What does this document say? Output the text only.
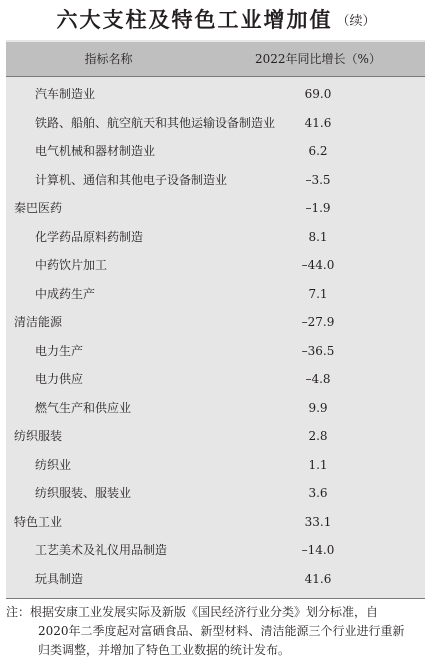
六大支柱及特色工业增加值 （续）
指标名称	2022年同比增长（%）
汽车制造业	69.0
铁路、船舶、航空航天和其他运输设备制造业	41.6
电气机械和器材制造业	6.2
计算机、通信和其他电子设备制造业	–3.5
秦巴医药	–1.9
化学药品原料药制造	8.1
中药饮片加工	–44.0
中成药生产	7.1
清洁能源	–27.9
电力生产	–36.5
电力供应	–4.8
燃气生产和供应业	9.9
纺织服装	2.8
纺织业	1.1
纺织服装、服装业	3.6
特色工业	33.1
工艺美术及礼仪用品制造	–14.0
玩具制造	41.6
注：根据安康工业发展实际及新版《国民经济行业分类》划分标准，自
2020年二季度起对富硒食品、新型材料、清洁能源三个行业进行重新
归类调整，并增加了特色工业数据的统计发布。
